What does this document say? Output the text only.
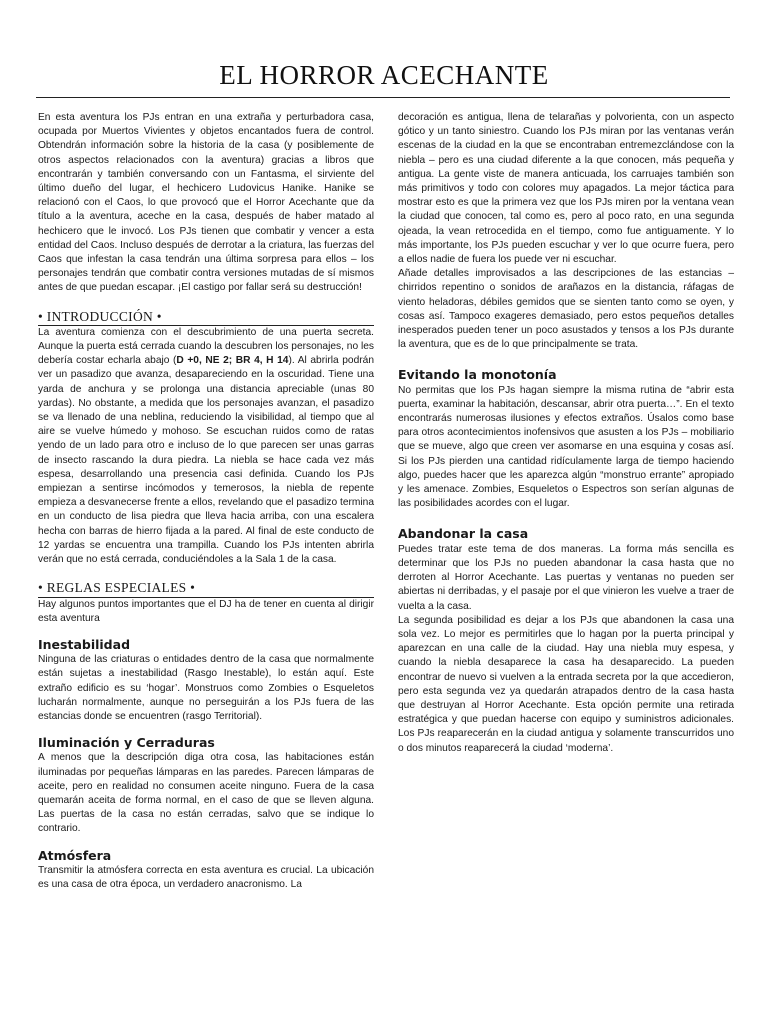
EL HORROR ACECHANTE

En esta aventura los PJs entran en una extraña y perturbadora casa, ocupada por Muertos Vivientes y objetos encantados fuera de control. Obtendrán información sobre la historia de la casa (y posiblemente de otros aspectos relacionados con la aventura) gracias a libros que encontrarán y también conversando con un Fantasma, el sirviente del último dueño del lugar, el hechicero Ludovicus Hanike. Hanike se relacionó con el Caos, lo que provocó que el Horror Acechante que da título a la aventura, aceche en la casa, después de haber matado al hechicero que le invocó. Los PJs tienen que combatir y vencer a esta entidad del Caos. Incluso después de derrotar a la criatura, las fuerzas del Caos que infestan la casa tendrán una última sorpresa para ellos – los personajes tendrán que combatir contra versiones mutadas de sí mismos antes de que puedan escapar. ¡El castigo por fallar será su destrucción!

• INTRODUCCIÓN •

La aventura comienza con el descubrimiento de una puerta secreta. Aunque la puerta está cerrada cuando la descubren los personajes, no les debería costar echarla abajo (D +0, NE 2; BR 4, H 14). Al abrirla podrán ver un pasadizo que avanza, desapareciendo en la oscuridad. Tiene una yarda de anchura y se prolonga una distancia apreciable (unas 80 yardas). No obstante, a medida que los personajes avanzan, el pasadizo se va llenado de una neblina, reduciendo la visibilidad, al tiempo que al aire se vuelve húmedo y mohoso. Se escuchan ruidos como de ratas yendo de un lado para otro e incluso de lo que parecen ser unas garras de insecto rascando la dura piedra. La niebla se hace cada vez más espesa, desarrollando una presencia casi definida. Cuando los PJs empiezan a sentirse incómodos y temerosos, la niebla de repente empieza a desvanecerse frente a ellos, revelando que el pasadizo termina en un conducto de lisa piedra que lleva hacia arriba, con una escalera hecha con barras de hierro fijada a la pared. Al final de este conducto de 12 yardas se encuentra una trampilla. Cuando los PJs intenten abrirla verán que no está cerrada, conduciéndoles a la Sala 1 de la casa.

• REGLAS ESPECIALES •

Hay algunos puntos importantes que el DJ ha de tener en cuenta al dirigir esta aventura

Inestabilidad

Ninguna de las criaturas o entidades dentro de la casa que normalmente están sujetas a inestabilidad (Rasgo Inestable), lo están aquí. Este extraño edificio es su ‘hogar’. Monstruos como Zombies o Esqueletos lucharán normalmente, aunque no perseguirán a los PJs fuera de las estancias donde se encuentren (rasgo Territorial).

Iluminación y Cerraduras

A menos que la descripción diga otra cosa, las habitaciones están iluminadas por pequeñas lámparas en las paredes. Parecen lámparas de aceite, pero en realidad no consumen aceite ninguno. Fuera de la casa quemarán aceita de forma normal, en el caso de que se lleven alguna. Las puertas de la casa no están cerradas, salvo que se indique lo contrario.

Atmósfera

Transmitir la atmósfera correcta en esta aventura es crucial. La ubicación es una casa de otra época, un verdadero anacronismo. La

decoración es antigua, llena de telarañas y polvorienta, con un aspecto gótico y un tanto siniestro. Cuando los PJs miran por las ventanas verán escenas de la ciudad en la que se encontraban entremezclándose con la niebla – pero es una ciudad diferente a la que conocen, más pequeña y antigua. La gente viste de manera anticuada, los carruajes también son más primitivos y todo con colores muy apagados. La mejor táctica para mostrar esto es que la primera vez que los PJs miren por la ventana vean la ciudad que conocen, tal como es, pero al poco rato, en una segunda ojeada, la vean retrocedida en el tiempo, como fue antiguamente. Y lo más importante, los PJs pueden escuchar y ver lo que ocurre fuera, pero a ellos nadie de fuera los puede ver ni escuchar.

Añade detalles improvisados a las descripciones de las estancias – chirridos repentino o sonidos de arañazos en la distancia, ráfagas de viento heladoras, débiles gemidos que se sienten tanto como se oyen, y cosas así. Tampoco exageres demasiado, pero estos pequeños detalles inesperados pueden tener un poco asustados y tensos a los PJs durante la aventura, que es de lo que principalmente se trata.

Evitando la monotonía

No permitas que los PJs hagan siempre la misma rutina de “abrir esta puerta, examinar la habitación, descansar, abrir otra puerta…”. En el texto encontrarás numerosas ilusiones y efectos extraños. Úsalos como base para otros acontecimientos inofensivos que asusten a los PJs – mobiliario que se mueve, algo que creen ver asomarse en una esquina y cosas así. Si los PJs pierden una cantidad ridículamente larga de tiempo haciendo algo, puedes hacer que les aparezca algún “monstruo errante” apropiado y les amenace. Zombies, Esqueletos o Espectros son serían algunas de las posibilidades acordes con el lugar.

Abandonar la casa

Puedes tratar este tema de dos maneras. La forma más sencilla es determinar que los PJs no pueden abandonar la casa hasta que no derroten al Horror Acechante. Las puertas y ventanas no pueden ser abiertas ni derribadas, y el pasaje por el que vinieron les vuelve a traer de vuelta a la casa.

La segunda posibilidad es dejar a los PJs que abandonen la casa una sola vez. Lo mejor es permitirles que lo hagan por la puerta principal y aparezcan en una calle de la ciudad. Hay una niebla muy espesa, y cuando la niebla desaparece la casa ha desaparecido. La pueden encontrar de nuevo si vuelven a la entrada secreta por la que accedieron, pero esta segunda vez ya quedarán atrapados dentro de la casa hasta que destruyan al Horror Acechante. Esta opción permite una retirada estratégica y que puedan hacerse con equipo y suministros adicionales. Los PJs reaparecerán en la ciudad antigua y solamente transcurridos uno o dos minutos reaparecerá la ciudad ‘moderna’.
